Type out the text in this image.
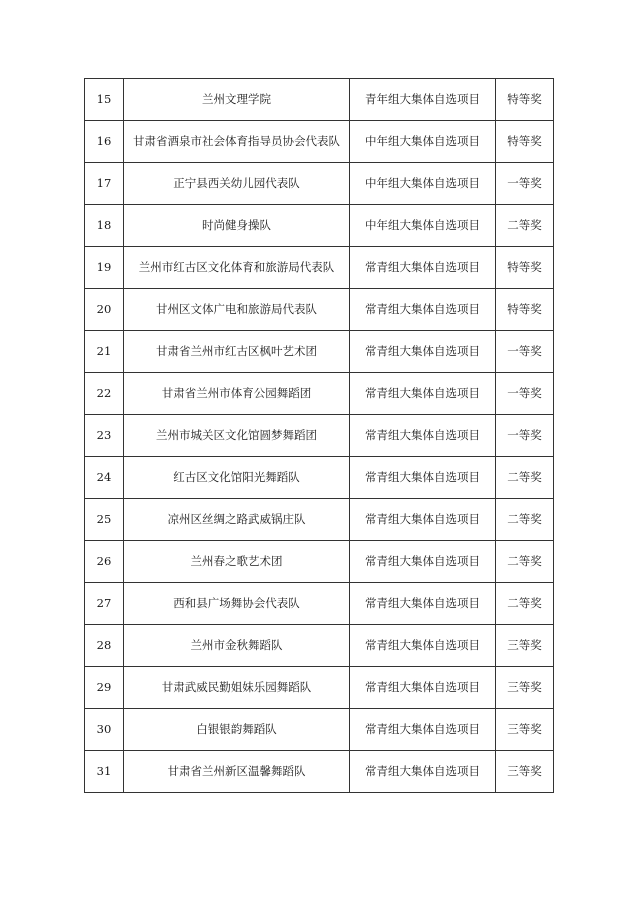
15	兰州文理学院	青年组大集体自选项目	特等奖
16	甘肃省酒泉市社会体育指导员协会代表队	中年组大集体自选项目	特等奖
17	正宁县西关幼儿园代表队	中年组大集体自选项目	一等奖
18	时尚健身操队	中年组大集体自选项目	二等奖
19	兰州市红古区文化体育和旅游局代表队	常青组大集体自选项目	特等奖
20	甘州区文体广电和旅游局代表队	常青组大集体自选项目	特等奖
21	甘肃省兰州市红古区枫叶艺术团	常青组大集体自选项目	一等奖
22	甘肃省兰州市体育公园舞蹈团	常青组大集体自选项目	一等奖
23	兰州市城关区文化馆圆梦舞蹈团	常青组大集体自选项目	一等奖
24	红古区文化馆阳光舞蹈队	常青组大集体自选项目	二等奖
25	凉州区丝绸之路武威锅庄队	常青组大集体自选项目	二等奖
26	兰州春之歌艺术团	常青组大集体自选项目	二等奖
27	西和县广场舞协会代表队	常青组大集体自选项目	二等奖
28	兰州市金秋舞蹈队	常青组大集体自选项目	三等奖
29	甘肃武威民勤姐妹乐园舞蹈队	常青组大集体自选项目	三等奖
30	白银银韵舞蹈队	常青组大集体自选项目	三等奖
31	甘肃省兰州新区温馨舞蹈队	常青组大集体自选项目	三等奖
